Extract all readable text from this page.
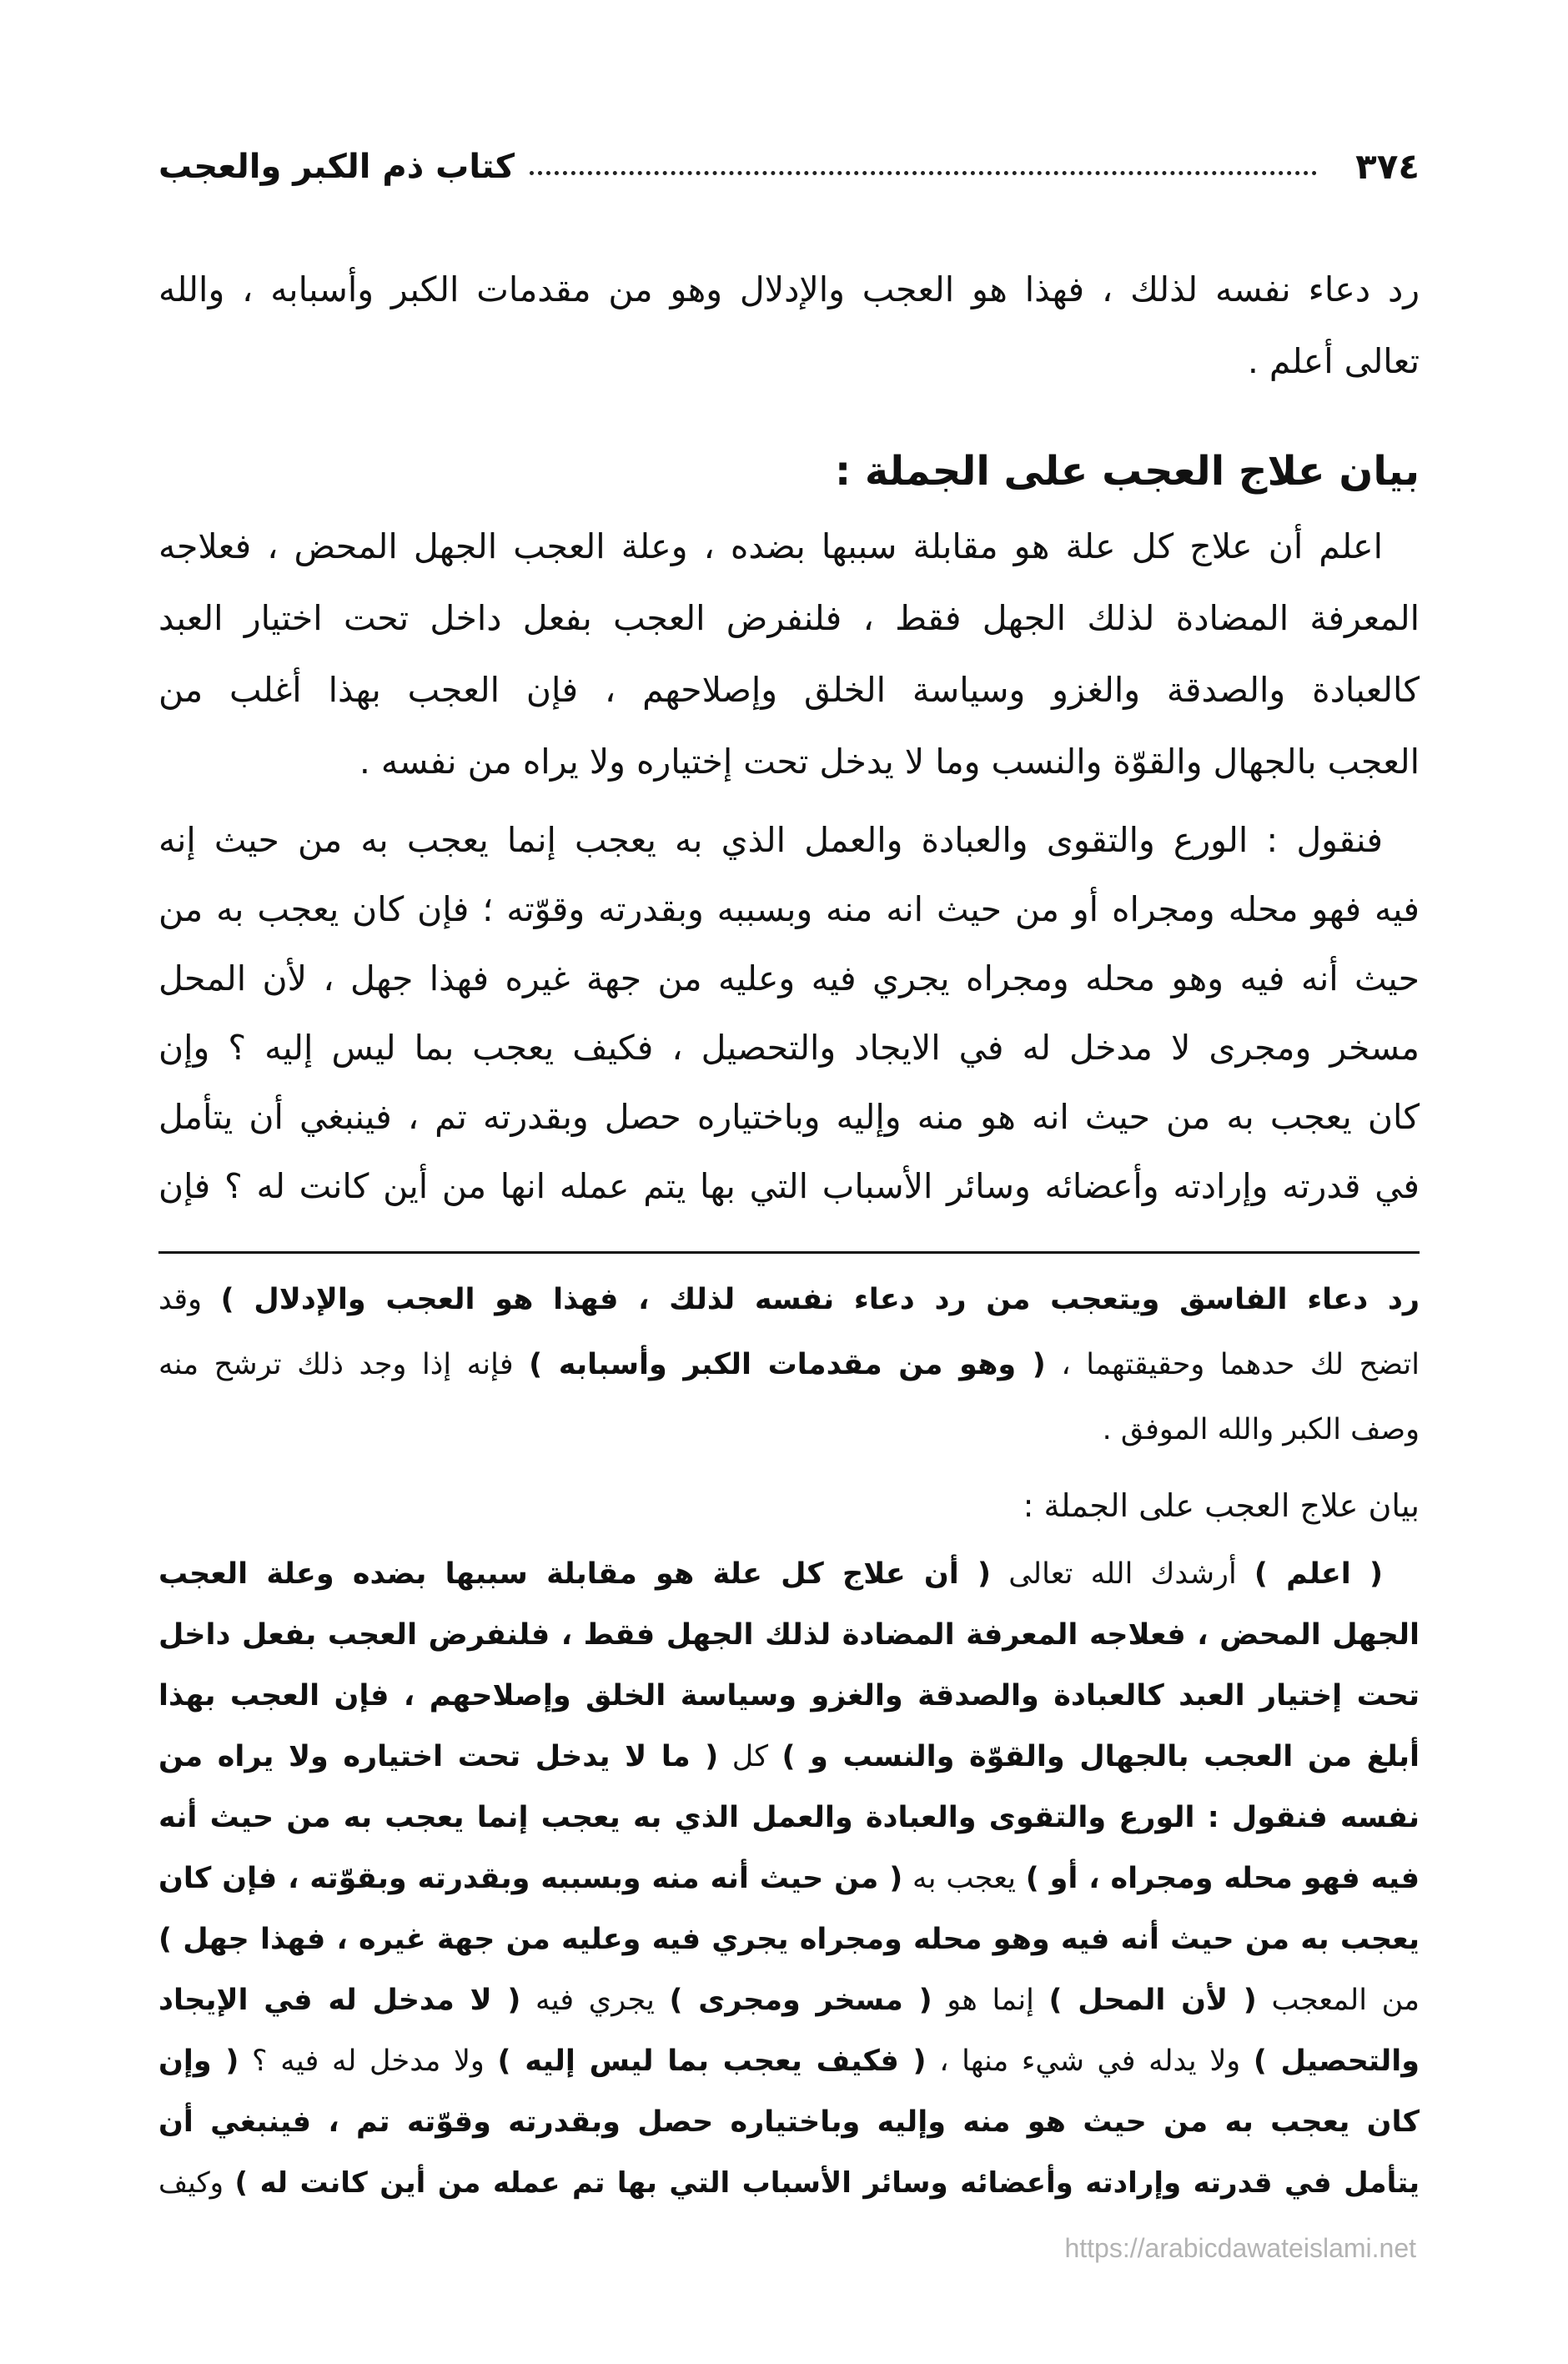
٣٧٤
كتاب ذم الكبر والعجب
رد دعاء نفسه لذلك ، فهذا هو العجب والإدلال وهو من مقدمات الكبر وأسبابه ، والله
تعالى أعلم .
بيان علاج العجب على الجملة :
اعلم أن علاج كل علة هو مقابلة سببها بضده ، وعلة العجب الجهل المحض ، فعلاجه
المعرفة المضادة لذلك الجهل فقط ، فلنفرض العجب بفعل داخل تحت اختيار العبد
كالعبادة والصدقة والغزو وسياسة الخلق وإصلاحهم ، فإن العجب بهذا أغلب من
العجب بالجهال والقوّة والنسب وما لا يدخل تحت إختياره ولا يراه من نفسه .
فنقول : الورع والتقوى والعبادة والعمل الذي به يعجب إنما يعجب به من حيث إنه
فيه فهو محله ومجراه أو من حيث انه منه وبسببه وبقدرته وقوّته ؛ فإن كان يعجب به من
حيث أنه فيه وهو محله ومجراه يجري فيه وعليه من جهة غيره فهذا جهل ، لأن المحل
مسخر ومجرى لا مدخل له في الايجاد والتحصيل ، فكيف يعجب بما ليس إليه ؟ وإن
كان يعجب به من حيث انه هو منه وإليه وباختياره حصل وبقدرته تم ، فينبغي أن يتأمل
في قدرته وإرادته وأعضائه وسائر الأسباب التي بها يتم عمله انها من أين كانت له ؟ فإن
رد دعاء الفاسق ويتعجب من رد دعاء نفسه لذلك ، فهذا هو العجب والإدلال ) وقد
اتضح لك حدهما وحقيقتهما ، ( وهو من مقدمات الكبر وأسبابه ) فإنه إذا وجد ذلك ترشح منه
وصف الكبر والله الموفق .
بيان علاج العجب على الجملة :
( اعلم ) أرشدك الله تعالى ( أن علاج كل علة هو مقابلة سببها بضده وعلة العجب
الجهل المحض ، فعلاجه المعرفة المضادة لذلك الجهل فقط ، فلنفرض العجب بفعل داخل
تحت إختيار العبد كالعبادة والصدقة والغزو وسياسة الخلق وإصلاحهم ، فإن العجب بهذا
أبلغ من العجب بالجهال والقوّة والنسب و ) كل ( ما لا يدخل تحت اختياره ولا يراه من
نفسه فنقول : الورع والتقوى والعبادة والعمل الذي به يعجب إنما يعجب به من حيث أنه
فيه فهو محله ومجراه ، أو ) يعجب به ( من حيث أنه منه وبسببه وبقدرته وبقوّته ، فإن كان
يعجب به من حيث أنه فيه وهو محله ومجراه يجري فيه وعليه من جهة غيره ، فهذا جهل )
من المعجب ( لأن المحل ) إنما هو ( مسخر ومجرى ) يجري فيه ( لا مدخل له في الإيجاد
والتحصيل ) ولا يدله في شيء منها ، ( فكيف يعجب بما ليس إليه ) ولا مدخل له فيه ؟ ( وإن
كان يعجب به من حيث هو منه وإليه وباختياره حصل وبقدرته وقوّته تم ، فينبغي أن
يتأمل في قدرته وإرادته وأعضائه وسائر الأسباب التي بها تم عمله من أين كانت له ) وكيف
https://arabicdawateislami.net
